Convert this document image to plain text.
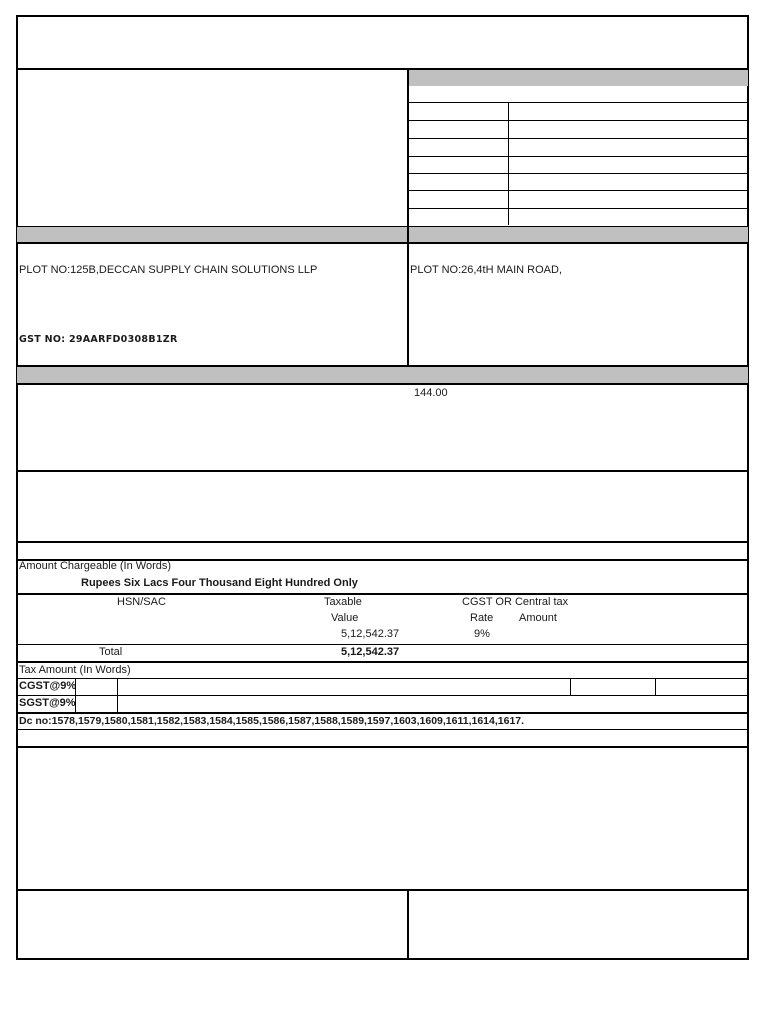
PLOT NO:125B,DECCAN SUPPLY CHAIN SOLUTIONS LLP
GST NO: 29AARFD0308B1ZR
PLOT NO:26,4tH MAIN ROAD,
144.00
Amount Chargeable (In Words)
Rupees Six Lacs Four Thousand Eight Hundred Only
HSN/SAC	Taxable
Value
CGST OR Central tax
Rate Amount
5,12,542.37	9%
Total	5,12,542.37
Tax Amount (In Words)
CGST@9%
SGST@9%
Dc no:1578,1579,1580,1581,1582,1583,1584,1585,1586,1587,1588,1589,1597,1603,1609,1611,1614,1617.
